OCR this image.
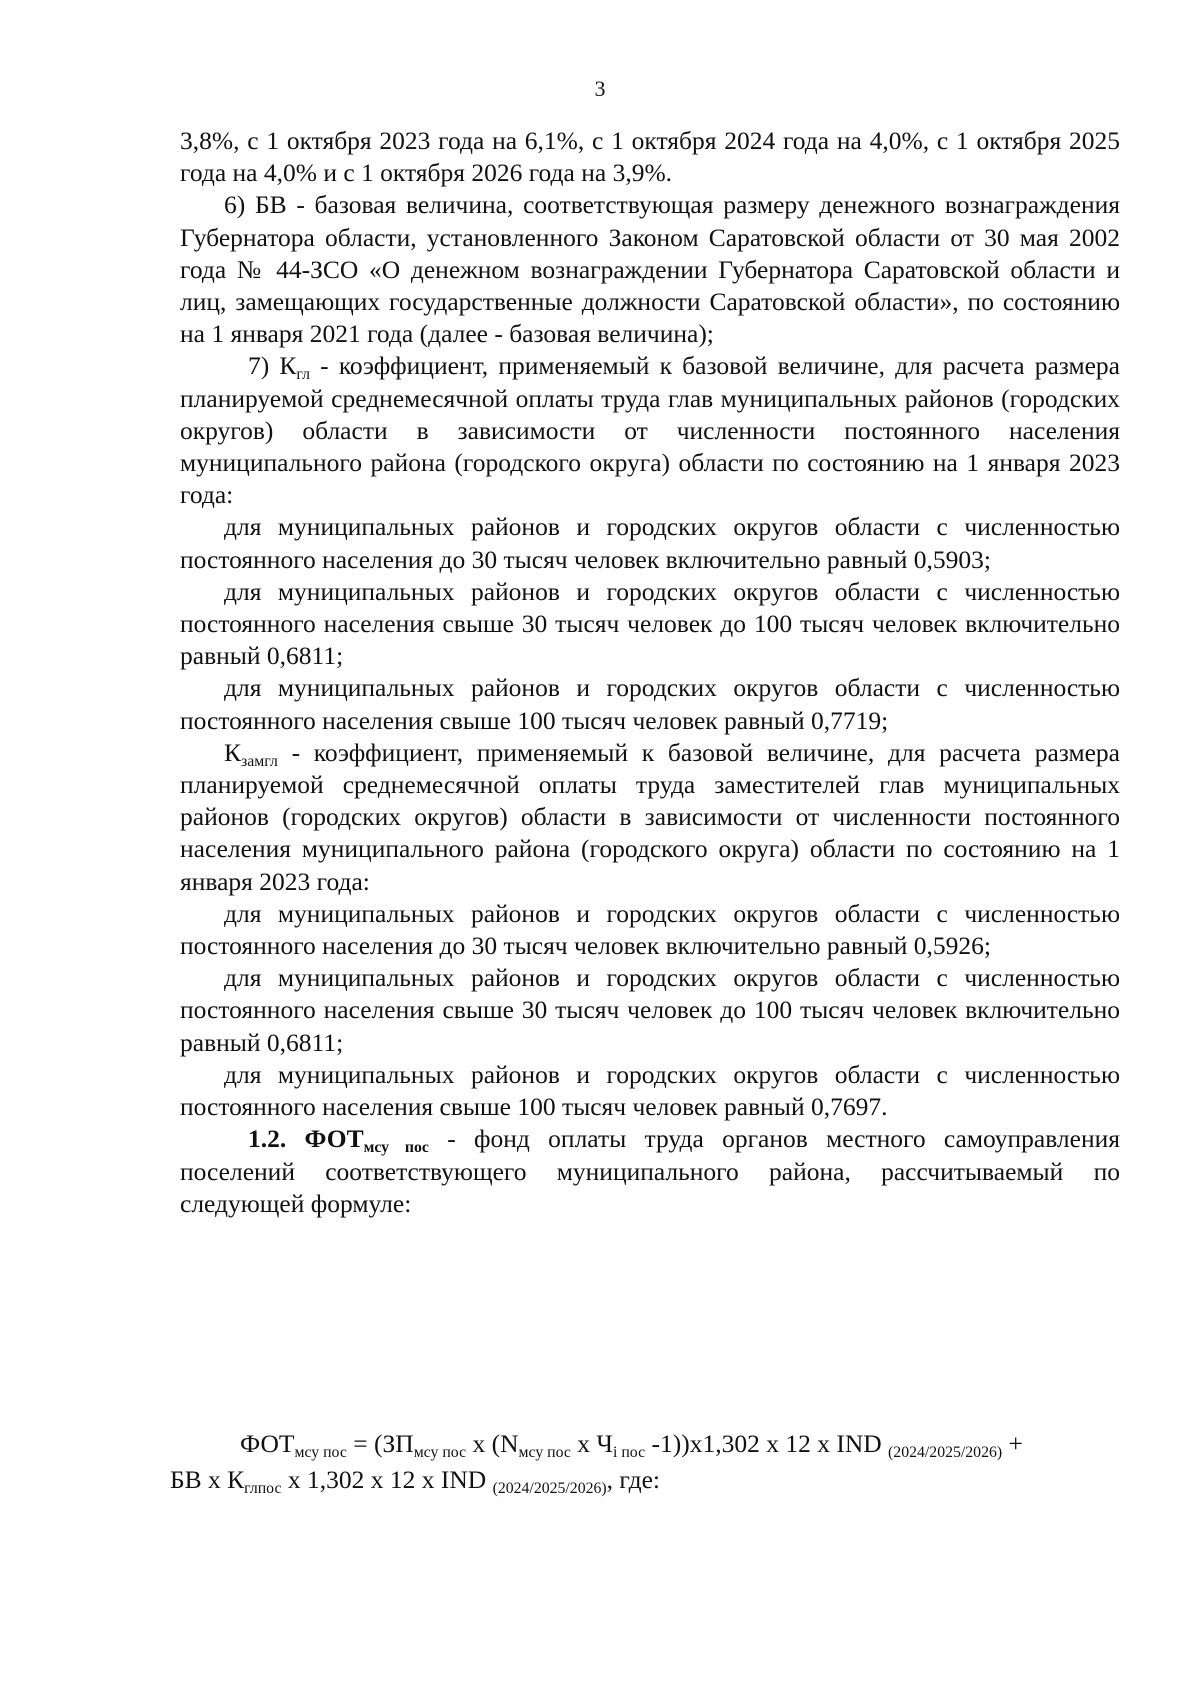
3

3,8%, с 1 октября 2023 года на 6,1%, с 1 октября 2024 года на 4,0%, с 1 октября 2025 года на 4,0% и с 1 октября 2026 года на 3,9%.

6) БВ - базовая величина, соответствующая размеру денежного вознаграждения Губернатора области, установленного Законом Саратовской области от 30 мая 2002 года № 44-ЗСО «О денежном вознаграждении Губернатора Саратовской области и лиц, замещающих государственные должности Саратовской области», по состоянию на 1 января 2021 года (далее - базовая величина);

7) $К_{гл}$ - коэффициент, применяемый к базовой величине, для расчета размера планируемой среднемесячной оплаты труда глав муниципальных районов (городских округов) области в зависимости от численности постоянного населения муниципального района (городского округа) области по состоянию на 1 января 2023 года:

для муниципальных районов и городских округов области с численностью постоянного населения до 30 тысяч человек включительно равный 0,5903;

для муниципальных районов и городских округов области с численностью постоянного населения свыше 30 тысяч человек до 100 тысяч человек включительно равный 0,6811;

для муниципальных районов и городских округов области с численностью постоянного населения свыше 100 тысяч человек равный 0,7719;

$К_{замгл}$ - коэффициент, применяемый к базовой величине, для расчета размера планируемой среднемесячной оплаты труда заместителей глав муниципальных районов (городских округов) области в зависимости от численности постоянного населения муниципального района (городского округа) области по состоянию на 1 января 2023 года:

для муниципальных районов и городских округов области с численностью постоянного населения до 30 тысяч человек включительно равный 0,5926;

для муниципальных районов и городских округов области с численностью постоянного населения свыше 30 тысяч человек до 100 тысяч человек включительно равный 0,6811;

для муниципальных районов и городских округов области с численностью постоянного населения свыше 100 тысяч человек равный 0,7697.

1.2. $ФОТ_{мсу пос}$ - фонд оплаты труда органов местного самоуправления поселений соответствующего муниципального района, рассчитываемый по следующей формуле:

$ФОТ_{мсу пос} = (ЗП_{мсу пос}$ х ($N_{мсу пос}$ х $Ч_{i пос}$ -1))х1,302 х 12 х IND $_{(2024/2025/2026)}$ +

БВ х $К_{глпос}$ х 1,302 х 12 х IND $_{(2024/2025/2026)}$, где:
